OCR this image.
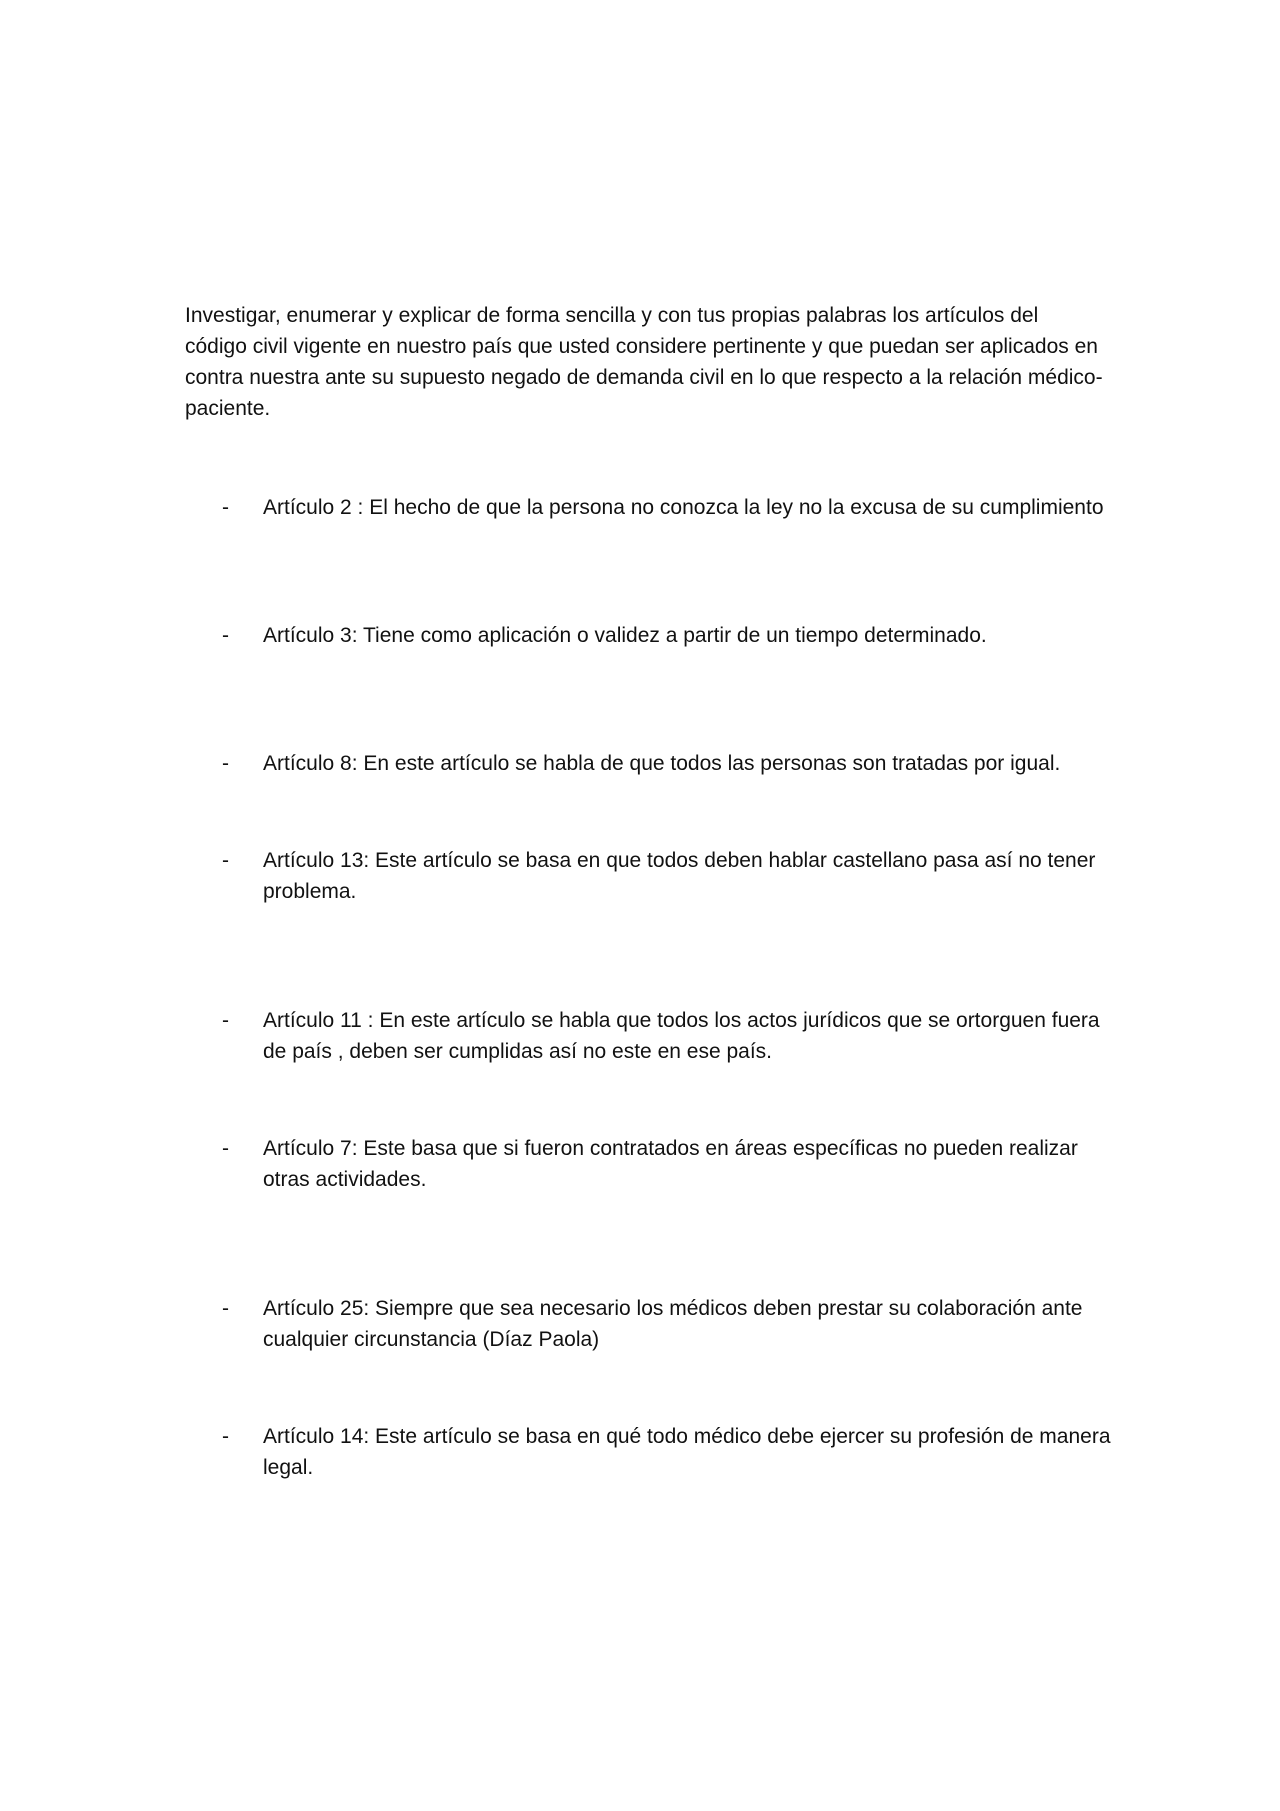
Investigar, enumerar y explicar de forma sencilla y con tus propias palabras los artículos del código civil vigente en nuestro país que usted considere pertinente y que puedan ser aplicados en contra nuestra ante su supuesto negado de demanda civil en lo que respecto a la relación médico-paciente.

- Artículo 2 : El hecho de que la persona no conozca la ley no la excusa de su cumplimiento
- Artículo 3: Tiene como aplicación o validez a partir de un tiempo determinado.
- Artículo 8: En este artículo se habla de que todos las personas son tratadas por igual.
- Artículo 13: Este artículo se basa en que todos deben hablar castellano pasa así no tener problema.
- Artículo 11 : En este artículo se habla que todos los actos jurídicos que se ortorguen fuera de país , deben ser cumplidas así no este en ese país.
- Artículo 7: Este basa que si fueron contratados en áreas específicas no pueden realizar otras actividades.
- Artículo 25: Siempre que sea necesario los médicos deben prestar su colaboración ante cualquier circunstancia (Díaz Paola)
- Artículo 14: Este artículo se basa en qué todo médico debe ejercer su profesión de manera legal.
